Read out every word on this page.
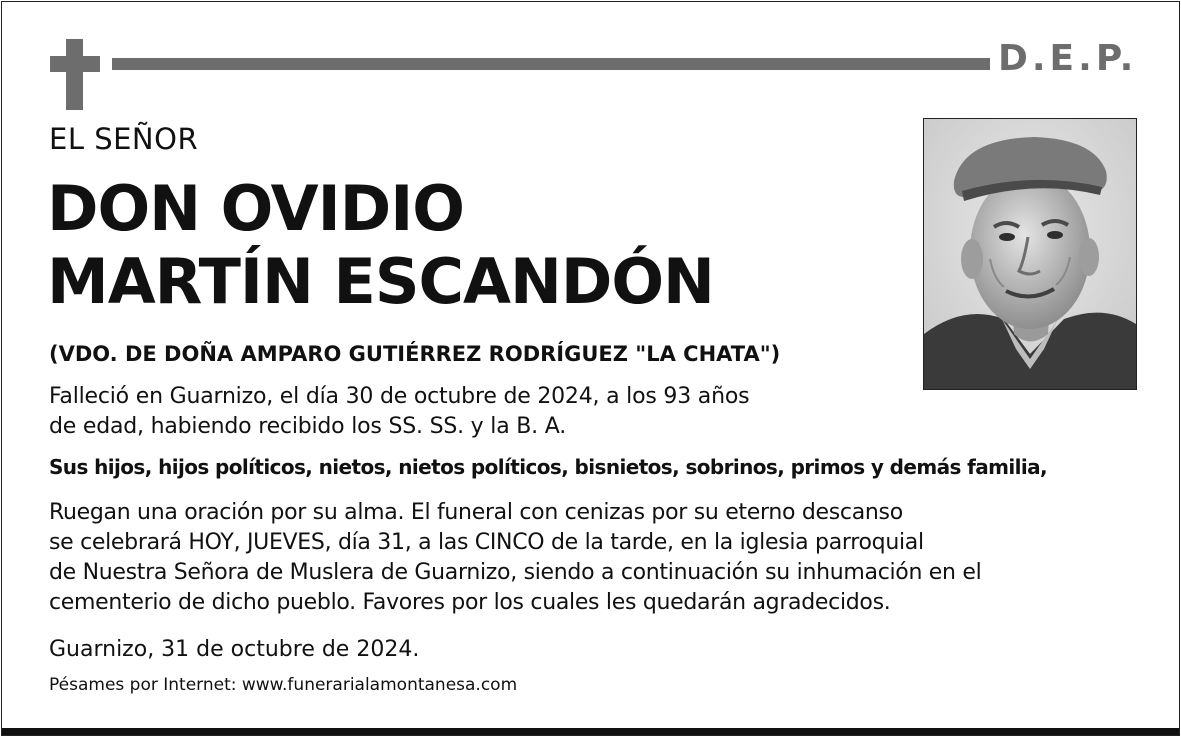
D.E.P.
EL SEÑOR
DON OVIDIO
MARTÍN ESCANDÓN
(VDO. DE DOÑA AMPARO GUTIÉRREZ RODRÍGUEZ "LA CHATA")
Falleció en Guarnizo, el día 30 de octubre de 2024, a los 93 años
de edad, habiendo recibido los SS. SS. y la B. A.
Sus hijos, hijos políticos, nietos, nietos políticos, bisnietos, sobrinos, primos y demás familia,
Ruegan una oración por su alma. El funeral con cenizas por su eterno descanso
se celebrará HOY, JUEVES, día 31, a las CINCO de la tarde, en la iglesia parroquial
de Nuestra Señora de Muslera de Guarnizo, siendo a continuación su inhumación en el
cementerio de dicho pueblo. Favores por los cuales les quedarán agradecidos.
Guarnizo, 31 de octubre de 2024.
Pésames por Internet: www.funerarialamontanesa.com
